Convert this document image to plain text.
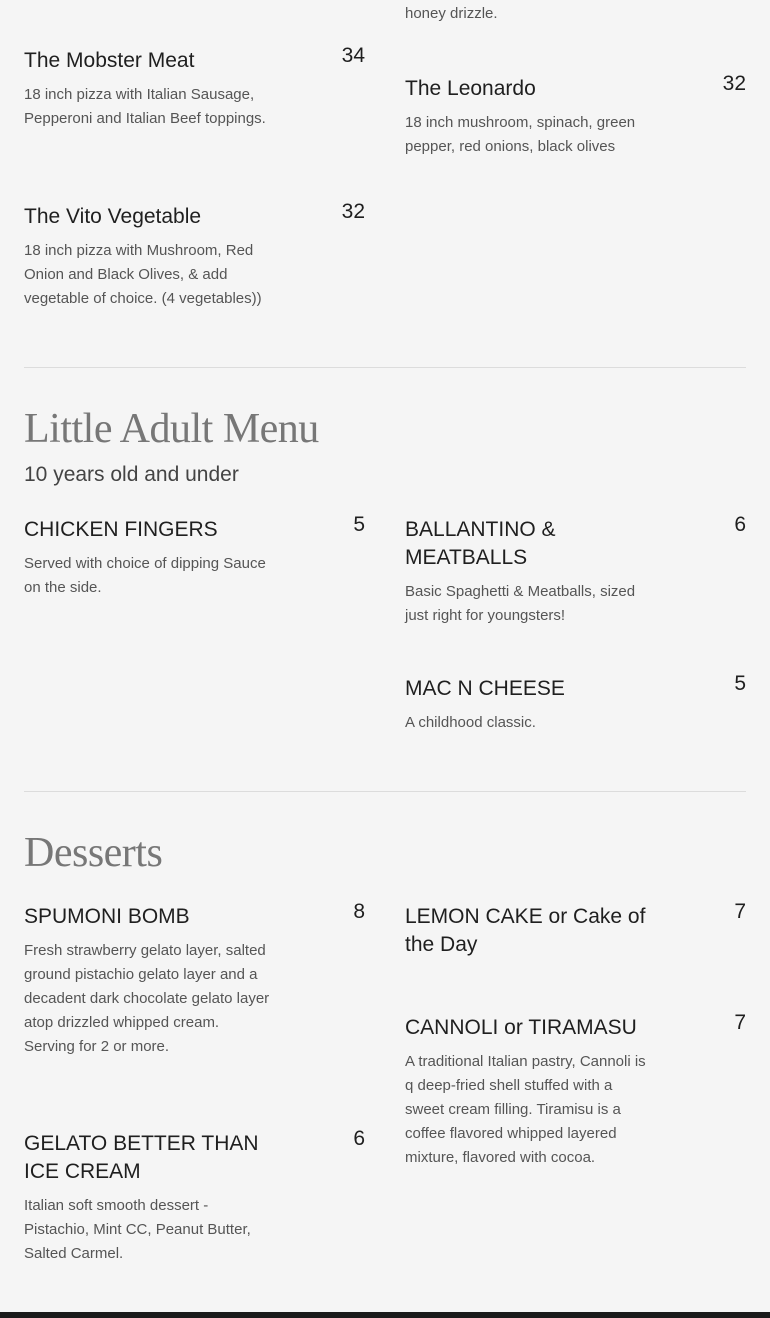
honey drizzle.
The Mobster Meat	34
18 inch pizza with Italian Sausage, Pepperoni and Italian Beef toppings.
The Leonardo	32
18 inch mushroom, spinach, green pepper, red onions, black olives
The Vito Vegetable	32
18 inch pizza with Mushroom, Red Onion and Black Olives, & add vegetable of choice. (4 vegetables))
Little Adult Menu
10 years old and under
CHICKEN FINGERS	5
Served with choice of dipping Sauce on the side.
BALLANTINO & MEATBALLS
6
Basic Spaghetti & Meatballs, sized just right for youngsters!
MAC N CHEESE	5
A childhood classic.
Desserts
SPUMONI BOMB	8
Fresh strawberry gelato layer, salted ground pistachio gelato layer and a decadent dark chocolate gelato layer atop drizzled whipped cream. Serving for 2 or more.
LEMON CAKE or Cake of the Day
7
CANNOLI or TIRAMASU	7
A traditional Italian pastry, Cannoli is q deep-fried shell stuffed with a sweet cream filling. Tiramisu is a coffee flavored whipped layered mixture, flavored with cocoa.
GELATO BETTER THAN ICE CREAM
6
Italian soft smooth dessert - Pistachio, Mint CC, Peanut Butter, Salted Carmel.
